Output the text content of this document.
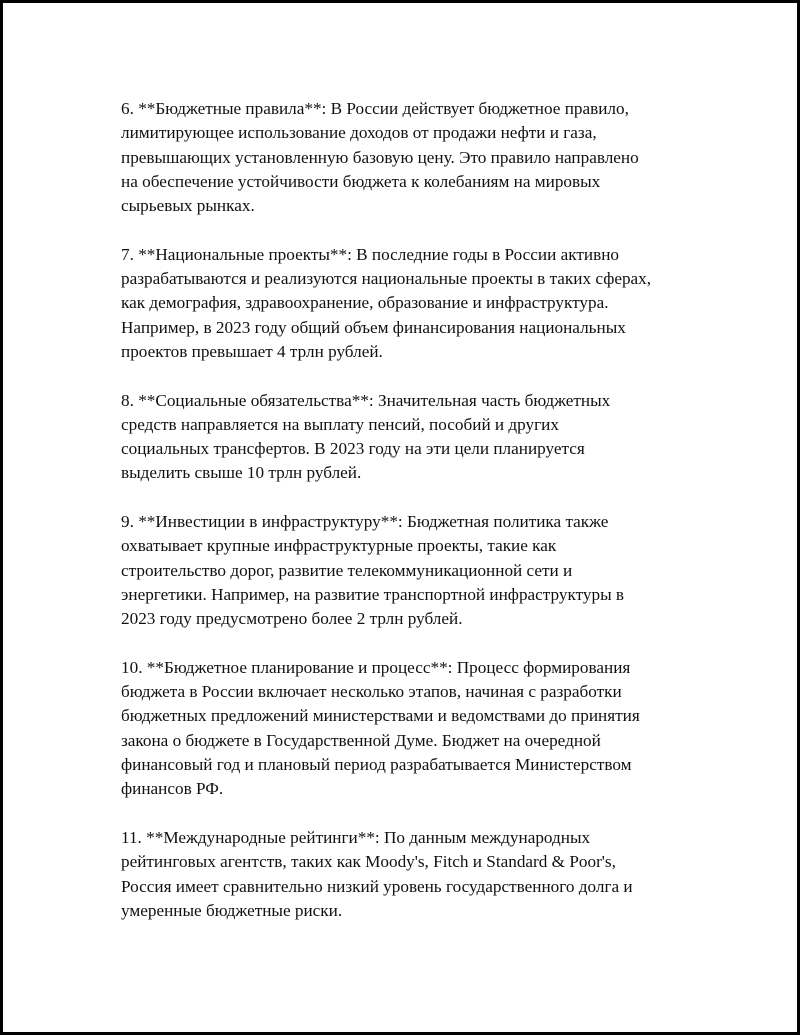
6. **Бюджетные правила**: В России действует бюджетное правило,
лимитирующее использование доходов от продажи нефти и газа,
превышающих установленную базовую цену. Это правило направлено
на обеспечение устойчивости бюджета к колебаниям на мировых
сырьевых рынках.

7. **Национальные проекты**: В последние годы в России активно
разрабатываются и реализуются национальные проекты в таких сферах,
как демография, здравоохранение, образование и инфраструктура.
Например, в 2023 году общий объем финансирования национальных
проектов превышает 4 трлн рублей.

8. **Социальные обязательства**: Значительная часть бюджетных
средств направляется на выплату пенсий, пособий и других
социальных трансфертов. В 2023 году на эти цели планируется
выделить свыше 10 трлн рублей.

9. **Инвестиции в инфраструктуру**: Бюджетная политика также
охватывает крупные инфраструктурные проекты, такие как
строительство дорог, развитие телекоммуникационной сети и
энергетики. Например, на развитие транспортной инфраструктуры в
2023 году предусмотрено более 2 трлн рублей.

10. **Бюджетное планирование и процесс**: Процесс формирования
бюджета в России включает несколько этапов, начиная с разработки
бюджетных предложений министерствами и ведомствами до принятия
закона о бюджете в Государственной Думе. Бюджет на очередной
финансовый год и плановый период разрабатывается Министерством
финансов РФ.

11. **Международные рейтинги**: По данным международных
рейтинговых агентств, таких как Moody's, Fitch и Standard & Poor's,
Россия имеет сравнительно низкий уровень государственного долга и
умеренные бюджетные риски.
